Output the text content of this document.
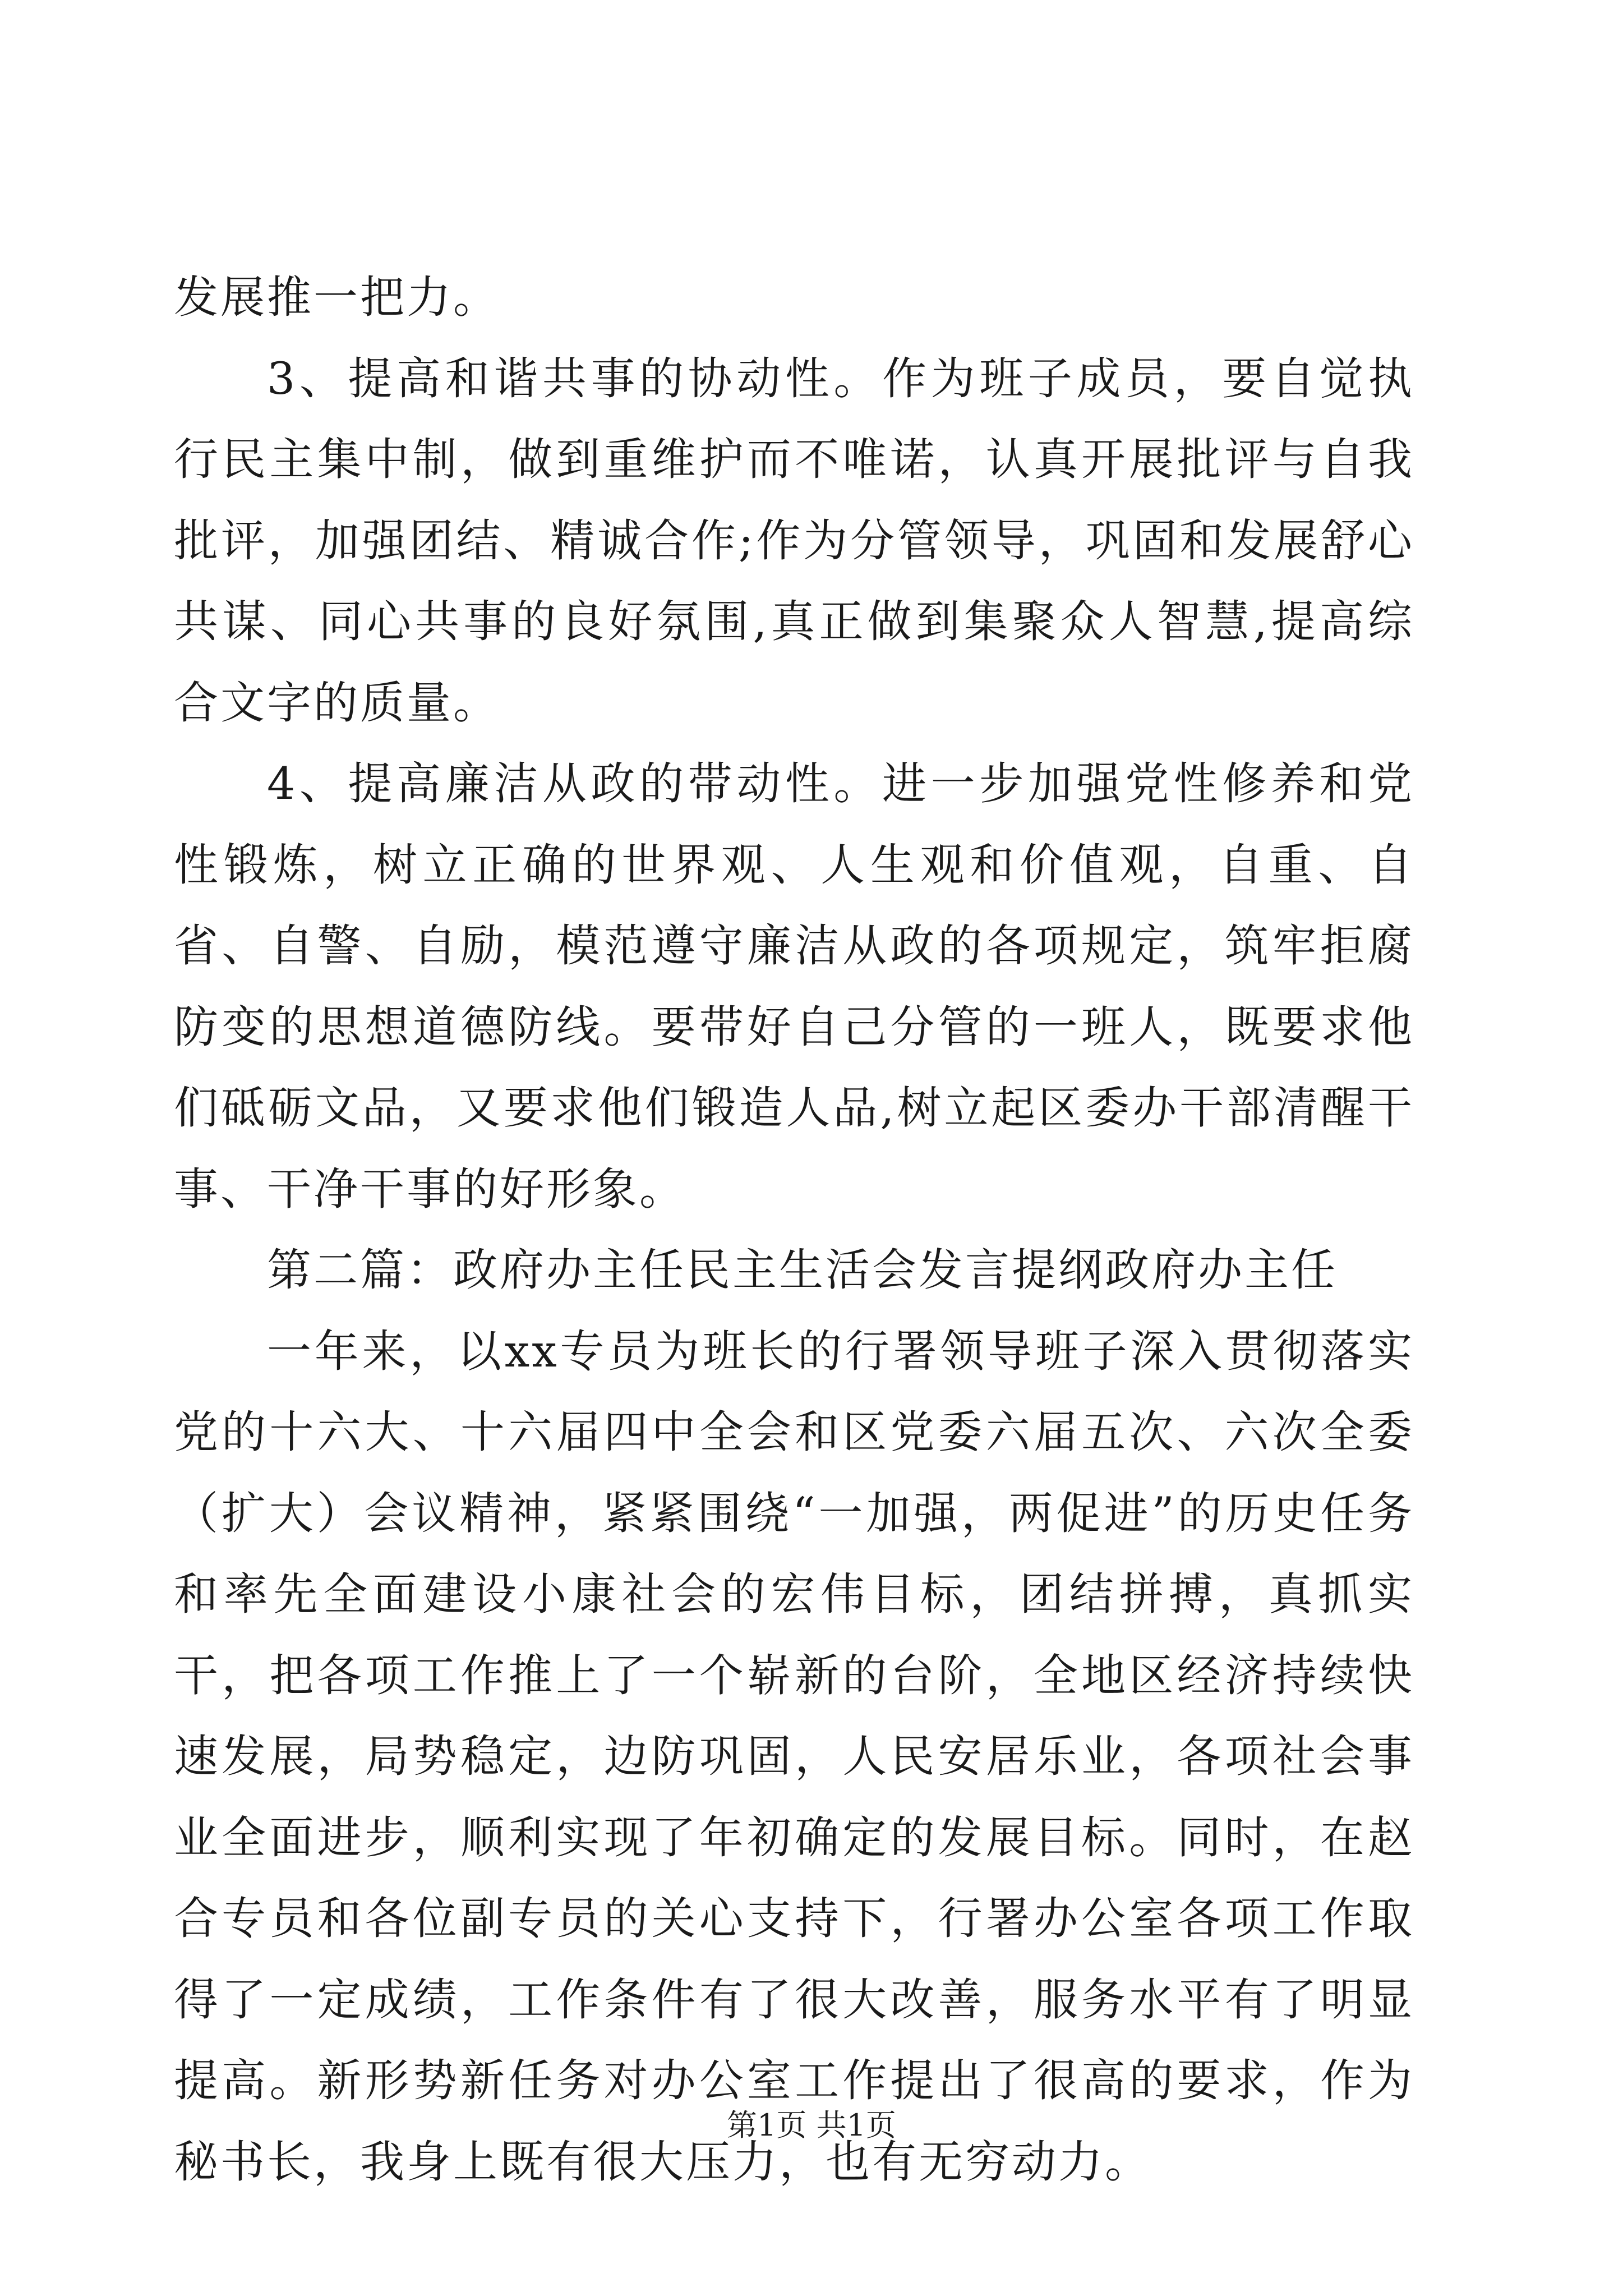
发展推一把力。

3、提高和谐共事的协动性。作为班子成员，要自觉执行民主集中制，做到重维护而不唯诺，认真开展批评与自我批评，加强团结、精诚合作;作为分管领导，巩固和发展舒心共谋、同心共事的良好氛围,真正做到集聚众人智慧,提高综合文字的质量。

4、提高廉洁从政的带动性。进一步加强党性修养和党性锻炼，树立正确的世界观、人生观和价值观，自重、自省、自警、自励，模范遵守廉洁从政的各项规定，筑牢拒腐防变的思想道德防线。要带好自己分管的一班人，既要求他们砥砺文品，又要求他们锻造人品,树立起区委办干部清醒干事、干净干事的好形象。

第二篇：政府办主任民主生活会发言提纲政府办主任

一年来，以xx专员为班长的行署领导班子深入贯彻落实党的十六大、十六届四中全会和区党委六届五次、六次全委（扩大）会议精神，紧紧围绕“一加强，两促进”的历史任务和率先全面建设小康社会的宏伟目标，团结拼搏，真抓实干，把各项工作推上了一个崭新的台阶，全地区经济持续快速发展，局势稳定，边防巩固，人民安居乐业，各项社会事业全面进步，顺利实现了年初确定的发展目标。同时，在赵合专员和各位副专员的关心支持下，行署办公室各项工作取得了一定成绩，工作条件有了很大改善，服务水平有了明显提高。新形势新任务对办公室工作提出了很高的要求，作为秘书长，我身上既有很大压力，也有无穷动力。

第1页 共1页
